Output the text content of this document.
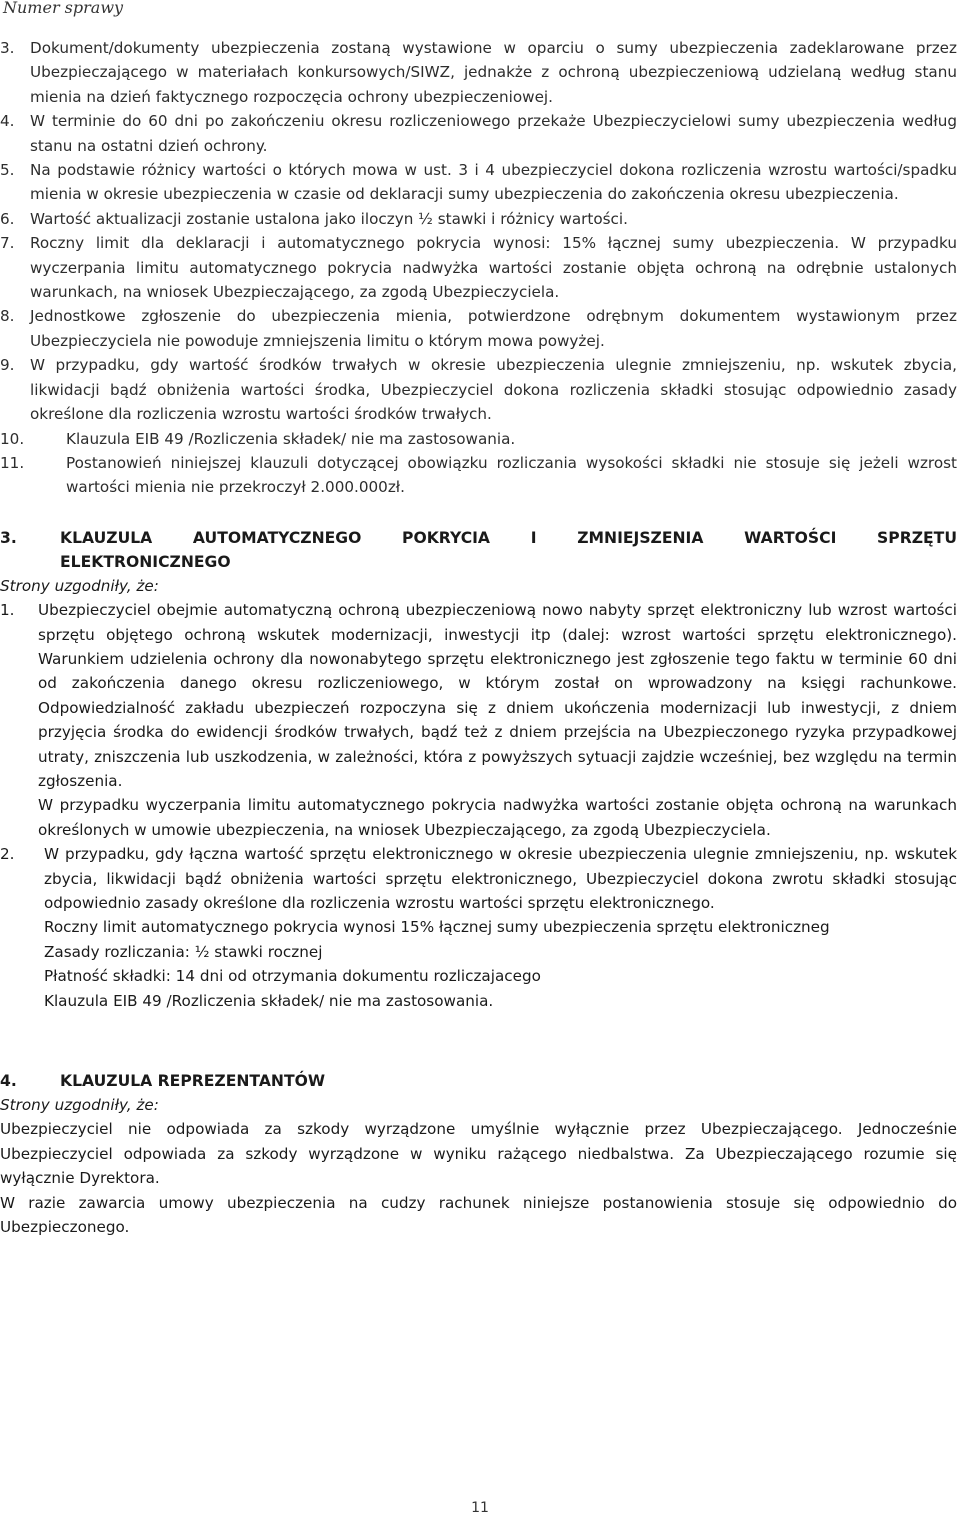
Numer sprawy
3.	Dokument/dokumenty ubezpieczenia zostaną wystawione w oparciu o sumy ubezpieczenia zadeklarowane przez Ubezpieczającego w materiałach konkursowych/SIWZ, jednakże z ochroną ubezpieczeniową udzielaną według stanu mienia na dzień faktycznego rozpoczęcia ochrony ubezpieczeniowej.
4.	W terminie do 60 dni po zakończeniu okresu rozliczeniowego przekaże Ubezpieczycielowi sumy ubezpieczenia według stanu na ostatni dzień ochrony.
5.	Na podstawie różnicy wartości o których mowa w ust. 3 i 4 ubezpieczyciel dokona rozliczenia wzrostu wartości/spadku mienia w okresie ubezpieczenia w czasie od deklaracji sumy ubezpieczenia do zakończenia okresu ubezpieczenia.
6.	Wartość aktualizacji zostanie ustalona jako iloczyn ½ stawki i różnicy wartości.
7.	Roczny limit dla deklaracji i automatycznego pokrycia wynosi: 15% łącznej sumy ubezpieczenia. W przypadku wyczerpania limitu automatycznego pokrycia nadwyżka wartości zostanie objęta ochroną na odrębnie ustalonych warunkach, na wniosek Ubezpieczającego, za zgodą Ubezpieczyciela.
8.	Jednostkowe zgłoszenie do ubezpieczenia mienia, potwierdzone odrębnym dokumentem wystawionym przez Ubezpieczyciela nie powoduje zmniejszenia limitu o którym mowa powyżej.
9.	W przypadku, gdy wartość środków trwałych w okresie ubezpieczenia ulegnie zmniejszeniu, np. wskutek zbycia, likwidacji bądź obniżenia wartości środka, Ubezpieczyciel dokona rozliczenia składki stosując odpowiednio zasady określone dla rozliczenia wzrostu wartości środków trwałych.
10.	Klauzula EIB 49 /Rozliczenia składek/ nie ma zastosowania.
11.	Postanowień niniejszej klauzuli dotyczącej obowiązku rozliczania wysokości składki nie stosuje się jeżeli wzrost wartości mienia nie przekroczył 2.000.000zł.
3.	KLAUZULA AUTOMATYCZNEGO POKRYCIA I ZMNIEJSZENIA WARTOŚCI SPRZĘTU
ELEKTRONICZNEGO
Strony uzgodniły, że:
1.	Ubezpieczyciel obejmie automatyczną ochroną ubezpieczeniową nowo nabyty sprzęt elektroniczny lub wzrost wartości sprzętu objętego ochroną wskutek modernizacji, inwestycji itp (dalej: wzrost wartości sprzętu elektronicznego). Warunkiem udzielenia ochrony dla nowonabytego sprzętu elektronicznego jest zgłoszenie tego faktu w terminie 60 dni od zakończenia danego okresu rozliczeniowego, w którym został on wprowadzony na księgi rachunkowe. Odpowiedzialność zakładu ubezpieczeń rozpoczyna się z dniem ukończenia modernizacji lub inwestycji, z dniem przyjęcia środka do ewidencji środków trwałych, bądź też z dniem przejścia na Ubezpieczonego ryzyka przypadkowej utraty, zniszczenia lub uszkodzenia, w zależności, która z powyższych sytuacji zajdzie wcześniej, bez względu na termin zgłoszenia.
W przypadku wyczerpania limitu automatycznego pokrycia nadwyżka wartości zostanie objęta ochroną na warunkach określonych w umowie ubezpieczenia, na wniosek Ubezpieczającego, za zgodą Ubezpieczyciela.
2.	W przypadku, gdy łączna wartość sprzętu elektronicznego w okresie ubezpieczenia ulegnie zmniejszeniu, np. wskutek zbycia, likwidacji bądź obniżenia wartości sprzętu elektronicznego, Ubezpieczyciel dokona zwrotu składki stosując odpowiednio zasady określone dla rozliczenia wzrostu wartości sprzętu elektronicznego.
Roczny limit automatycznego pokrycia wynosi 15% łącznej sumy ubezpieczenia sprzętu elektroniczneg
Zasady rozliczania: ½ stawki rocznej
Płatność składki: 14 dni od otrzymania dokumentu rozliczajacego
Klauzula EIB 49 /Rozliczenia składek/ nie ma zastosowania.
4.	KLAUZULA REPREZENTANTÓW
Strony uzgodniły, że:
Ubezpieczyciel nie odpowiada za szkody wyrządzone umyślnie wyłącznie przez Ubezpieczającego. Jednocześnie Ubezpieczyciel odpowiada za szkody wyrządzone w wyniku rażącego niedbalstwa. Za Ubezpieczającego rozumie się wyłącznie Dyrektora.
W razie zawarcia umowy ubezpieczenia na cudzy rachunek niniejsze postanowienia stosuje się odpowiednio do Ubezpieczonego.
11
